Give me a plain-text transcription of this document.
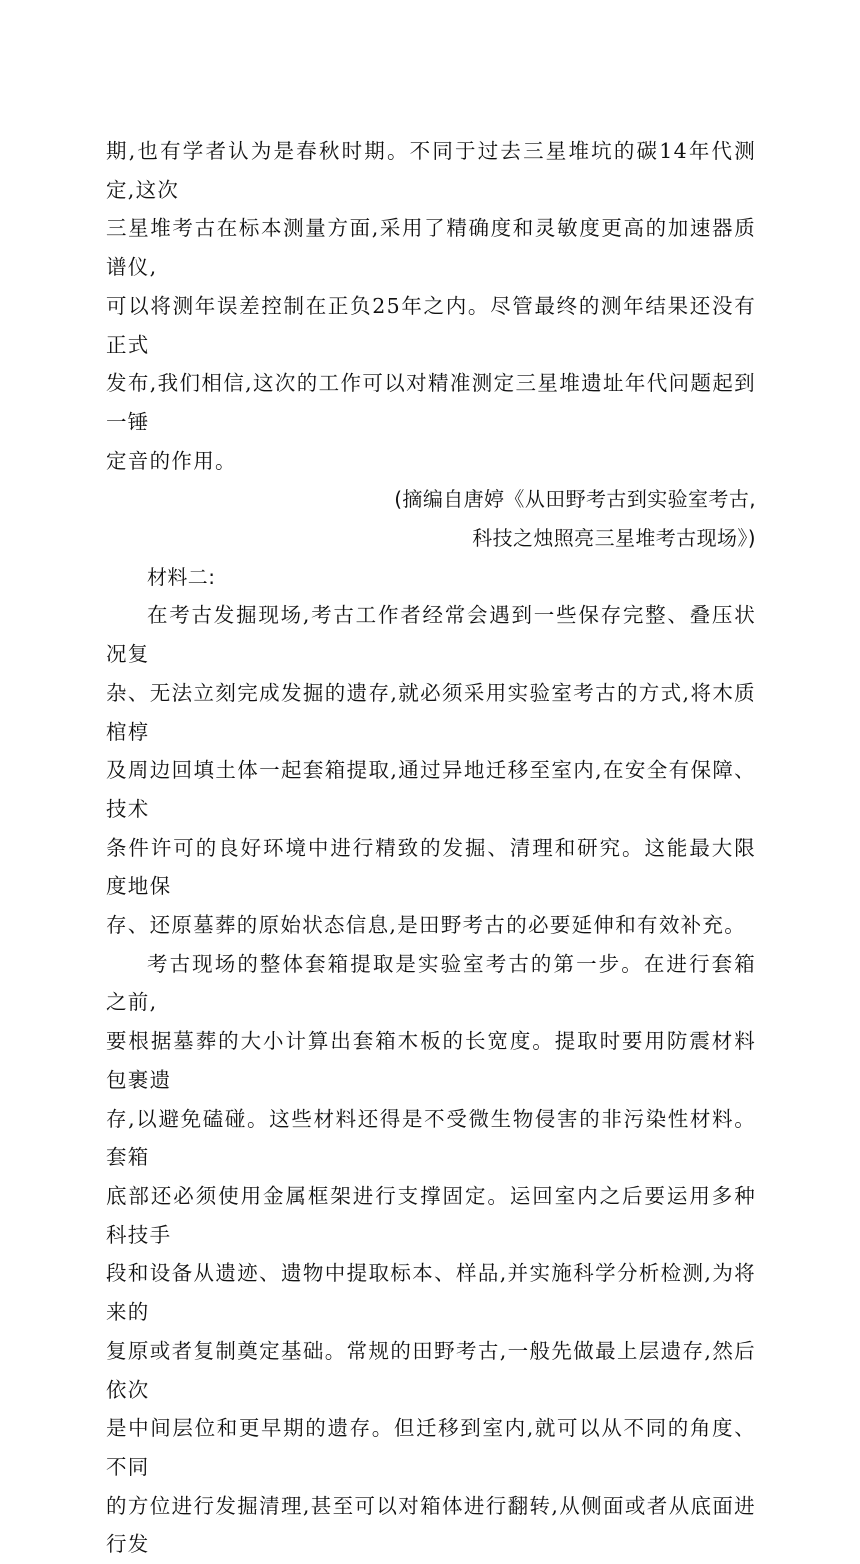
期,也有学者认为是春秋时期。不同于过去三星堆坑的碳14年代测定,这次
三星堆考古在标本测量方面,采用了精确度和灵敏度更高的加速器质谱仪,
可以将测年误差控制在正负25年之内。尽管最终的测年结果还没有正式
发布,我们相信,这次的工作可以对精准测定三星堆遗址年代问题起到一锤
定音的作用。

(摘编自唐婷《从田野考古到实验室考古,
科技之烛照亮三星堆考古现场》)

材料二:

在考古发掘现场,考古工作者经常会遇到一些保存完整、叠压状况复
杂、无法立刻完成发掘的遗存,就必须采用实验室考古的方式,将木质棺椁
及周边回填土体一起套箱提取,通过异地迁移至室内,在安全有保障、技术
条件许可的良好环境中进行精致的发掘、清理和研究。这能最大限度地保
存、还原墓葬的原始状态信息,是田野考古的必要延伸和有效补充。

考古现场的整体套箱提取是实验室考古的第一步。在进行套箱之前,
要根据墓葬的大小计算出套箱木板的长宽度。提取时要用防震材料包裹遗
存,以避免磕碰。这些材料还得是不受微生物侵害的非污染性材料。套箱
底部还必须使用金属框架进行支撑固定。运回室内之后要运用多种科技手
段和设备从遗迹、遗物中提取标本、样品,并实施科学分析检测,为将来的
复原或者复制奠定基础。常规的田野考古,一般先做最上层遗存,然后依次
是中间层位和更早期的遗存。但迁移到室内,就可以从不同的角度、不同
的方位进行发掘清理,甚至可以对箱体进行翻转,从侧面或者从底面进行发
